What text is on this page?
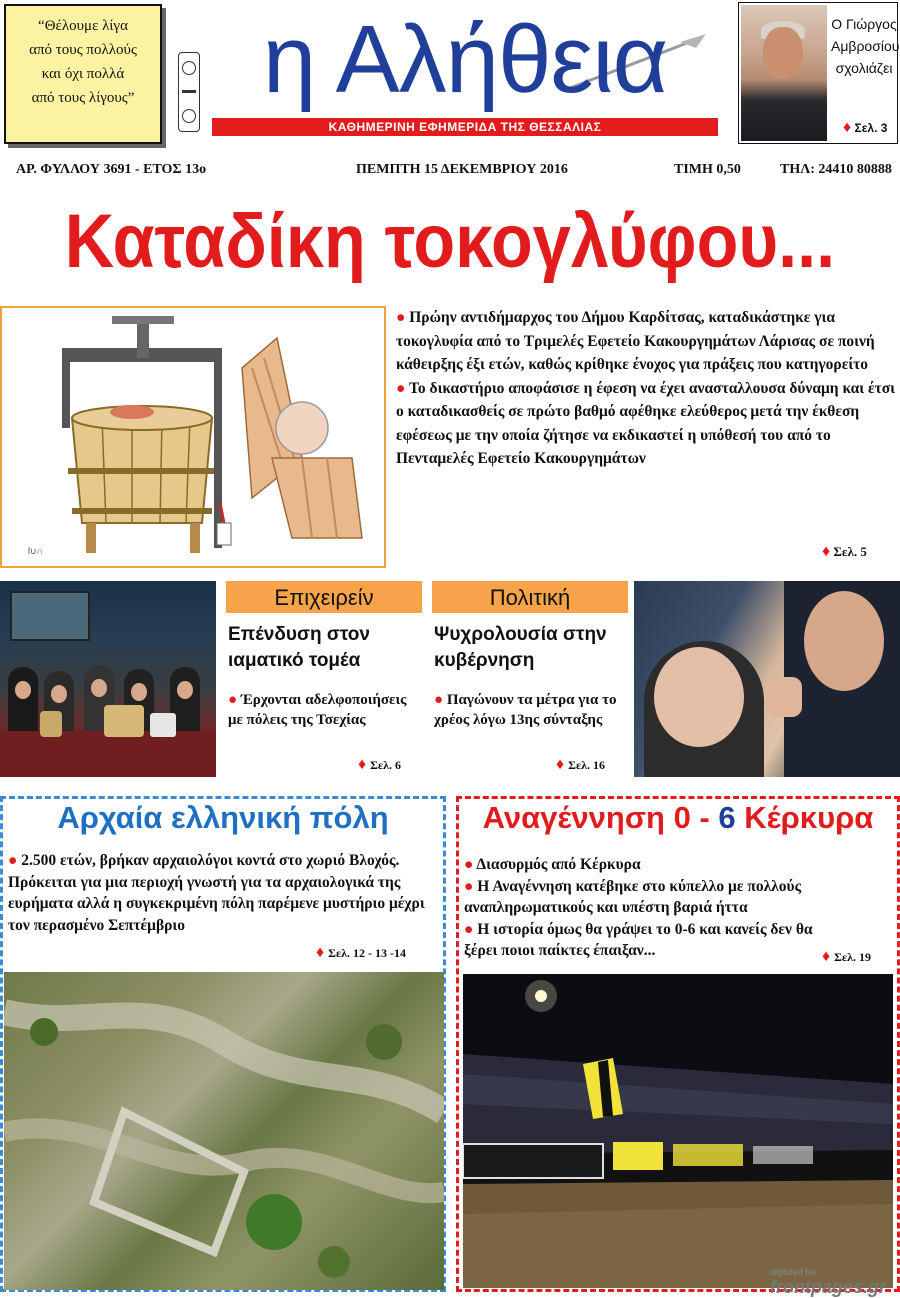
“Θέλουμε λίγα
από τους πολλούς
και όχι πολλά
από τους λίγους”	η Αλήθεια
ΚΑΘΗΜΕΡΙΝΗ ΕΦΗΜΕΡΙΔΑ ΤΗΣ ΘΕΣΣΑΛΙΑΣ
Ο Γιώργος
Αμβροσίου
σχολιάζει
♦ Σελ. 3
ΑΡ. ΦΥΛΛΟΥ 3691 - ΕΤΟΣ 13ο	ΠΕΜΠΤΗ 15 ΔΕΚΕΜΒΡΙΟΥ 2016	ΤΙΜΗ 0,50	ΤΗΛ: 24410 80888
Καταδίκη τοκογλύφου...
ſ∪∩
● Πρώην αντιδήμαρχος του Δήμου Καρδίτσας, καταδικάστηκε για τοκογλυφία από το Τριμελές Εφετείο Κακουργημάτων Λάρισας σε ποινή κάθειρξης έξι ετών, καθώς κρίθηκε ένοχος για πράξεις που κατηγορείτο
● Το δικαστήριο αποφάσισε η έφεση να έχει ανασταλλουσα δύναμη και έτσι ο καταδικασθείς σε πρώτο βαθμό αφέθηκε ελεύθερος μετά την έκθεση εφέσεως με την οποία ζήτησε να εκδικαστεί η υπόθεσή του από το Πενταμελές Εφετείο Κακουργημάτων
♦ Σελ. 5
Επιχειρείν
Επένδυση στον ιαματικό τομέα
● Έρχονται αδελφοποιήσεις με πόλεις της Τσεχίας
♦ Σελ. 6
Πολιτική
Ψυχρολουσία στην κυβέρνηση
● Παγώνουν τα μέτρα για το χρέος λόγω 13ης σύνταξης
♦ Σελ. 16
Αρχαία ελληνική πόλη
● 2.500 ετών, βρήκαν αρχαιολόγοι κοντά στο χωριό Βλοχός. Πρόκειται για μια περιοχή γνωστή για τα αρχαιολογικά της ευρήματα αλλά η συγκεκριμένη πόλη παρέμενε μυστήριο μέχρι τον περασμένο Σεπτέμβριο
♦ Σελ. 12 - 13 -14
Αναγέννηση 0 - 6 Κέρκυρα
● Διασυρμός από Κέρκυρα
● Η Αναγέννηση κατέβηκε στο κύπελλο με πολλούς αναπληρωματικούς και υπέστη βαριά ήττα
● Η ιστορία όμως θα γράψει το 0-6 και κανείς δεν θα ξέρει ποιοι παίκτες έπαιξαν...	♦ Σελ. 19
digitized for
frontpages.gr
